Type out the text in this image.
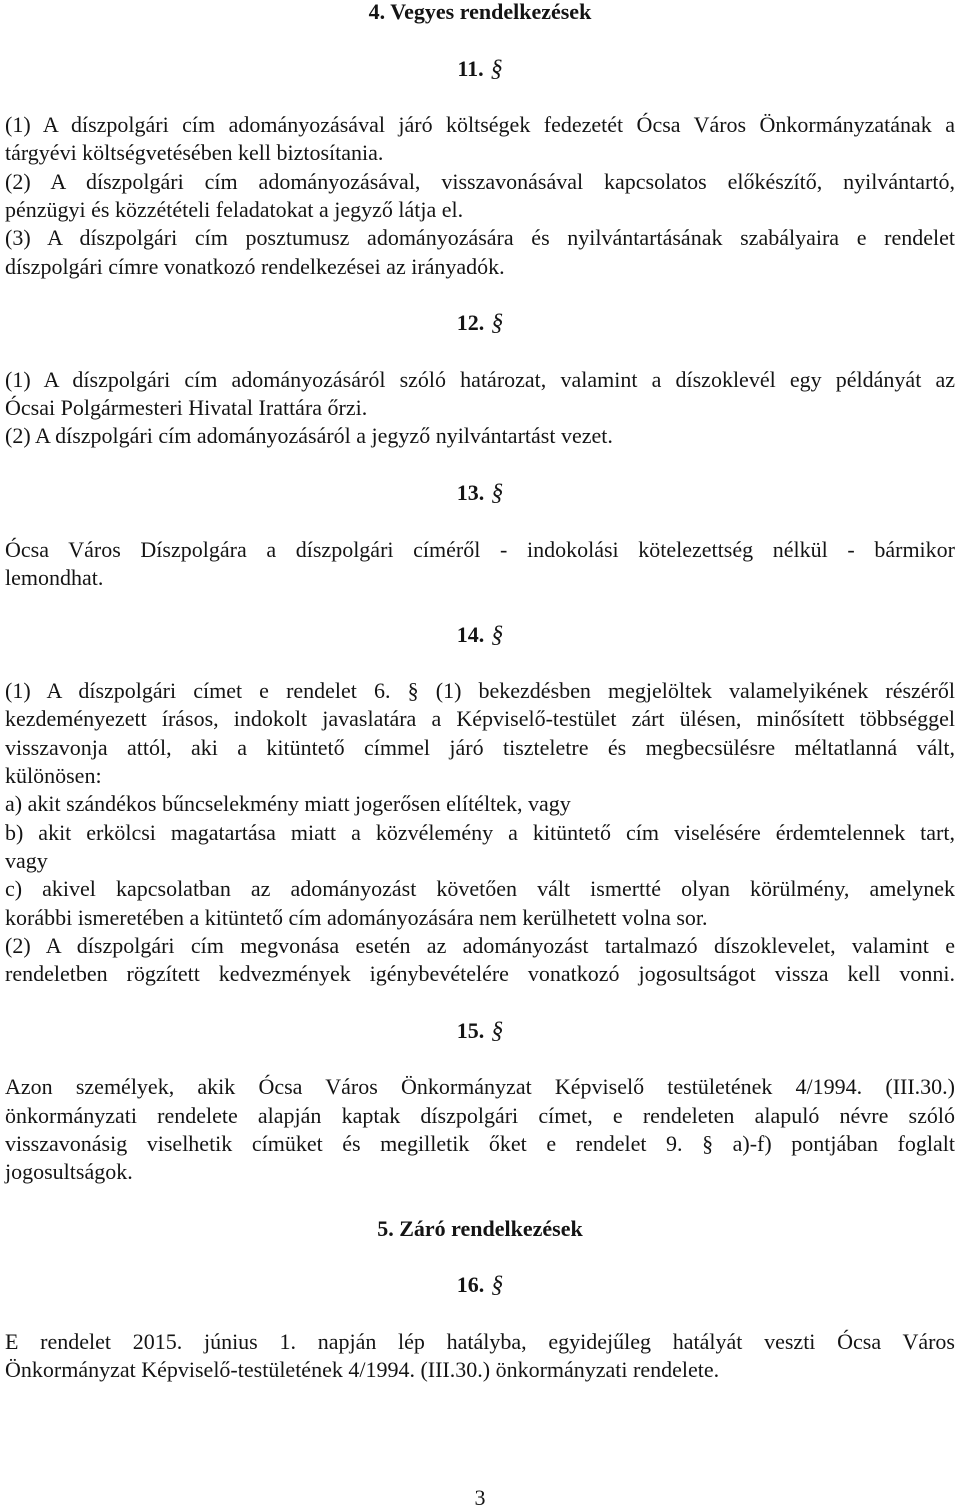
4. Vegyes rendelkezések
11. §
(1) A díszpolgári cím adományozásával járó költségek fedezetét Ócsa Város Önkormányzatának a
tárgyévi költségvetésében kell biztosítania.
(2) A díszpolgári cím adományozásával, visszavonásával kapcsolatos előkészítő, nyilvántartó,
pénzügyi és közzétételi feladatokat a jegyző látja el.
(3) A díszpolgári cím posztumusz adományozására és nyilvántartásának szabályaira e rendelet
díszpolgári címre vonatkozó rendelkezései az irányadók.
12. §
(1) A díszpolgári cím adományozásáról szóló határozat, valamint a díszoklevél egy példányát az
Ócsai Polgármesteri Hivatal Irattára őrzi.
(2) A díszpolgári cím adományozásáról a jegyző nyilvántartást vezet.
13. §
Ócsa Város Díszpolgára a díszpolgári címéről - indokolási kötelezettség nélkül - bármikor
lemondhat.
14. §
(1) A díszpolgári címet e rendelet 6. § (1) bekezdésben megjelöltek valamelyikének részéről
kezdeményezett írásos, indokolt javaslatára a Képviselő-testület zárt ülésen, minősített többséggel
visszavonja attól, aki a kitüntető címmel járó tiszteletre és megbecsülésre méltatlanná vált,
különösen:
a) akit szándékos bűncselekmény miatt jogerősen elítéltek, vagy
b) akit erkölcsi magatartása miatt a közvélemény a kitüntető cím viselésére érdemtelennek tart,
vagy
c) akivel kapcsolatban az adományozást követően vált ismertté olyan körülmény, amelynek
korábbi ismeretében a kitüntető cím adományozására nem kerülhetett volna sor.
(2) A díszpolgári cím megvonása esetén az adományozást tartalmazó díszoklevelet, valamint e
rendeletben rögzített kedvezmények igénybevételére vonatkozó jogosultságot vissza kell vonni.
15. §
Azon személyek, akik Ócsa Város Önkormányzat Képviselő testületének 4/1994. (III.30.)
önkormányzati rendelete alapján kaptak díszpolgári címet, e rendeleten alapuló névre szóló
visszavonásig viselhetik címüket és megilletik őket e rendelet 9. § a)-f) pontjában foglalt
jogosultságok.
5. Záró rendelkezések
16. §
E rendelet 2015. június 1. napján lép hatályba, egyidejűleg hatályát veszti Ócsa Város
Önkormányzat Képviselő-testületének 4/1994. (III.30.) önkormányzati rendelete.
3
